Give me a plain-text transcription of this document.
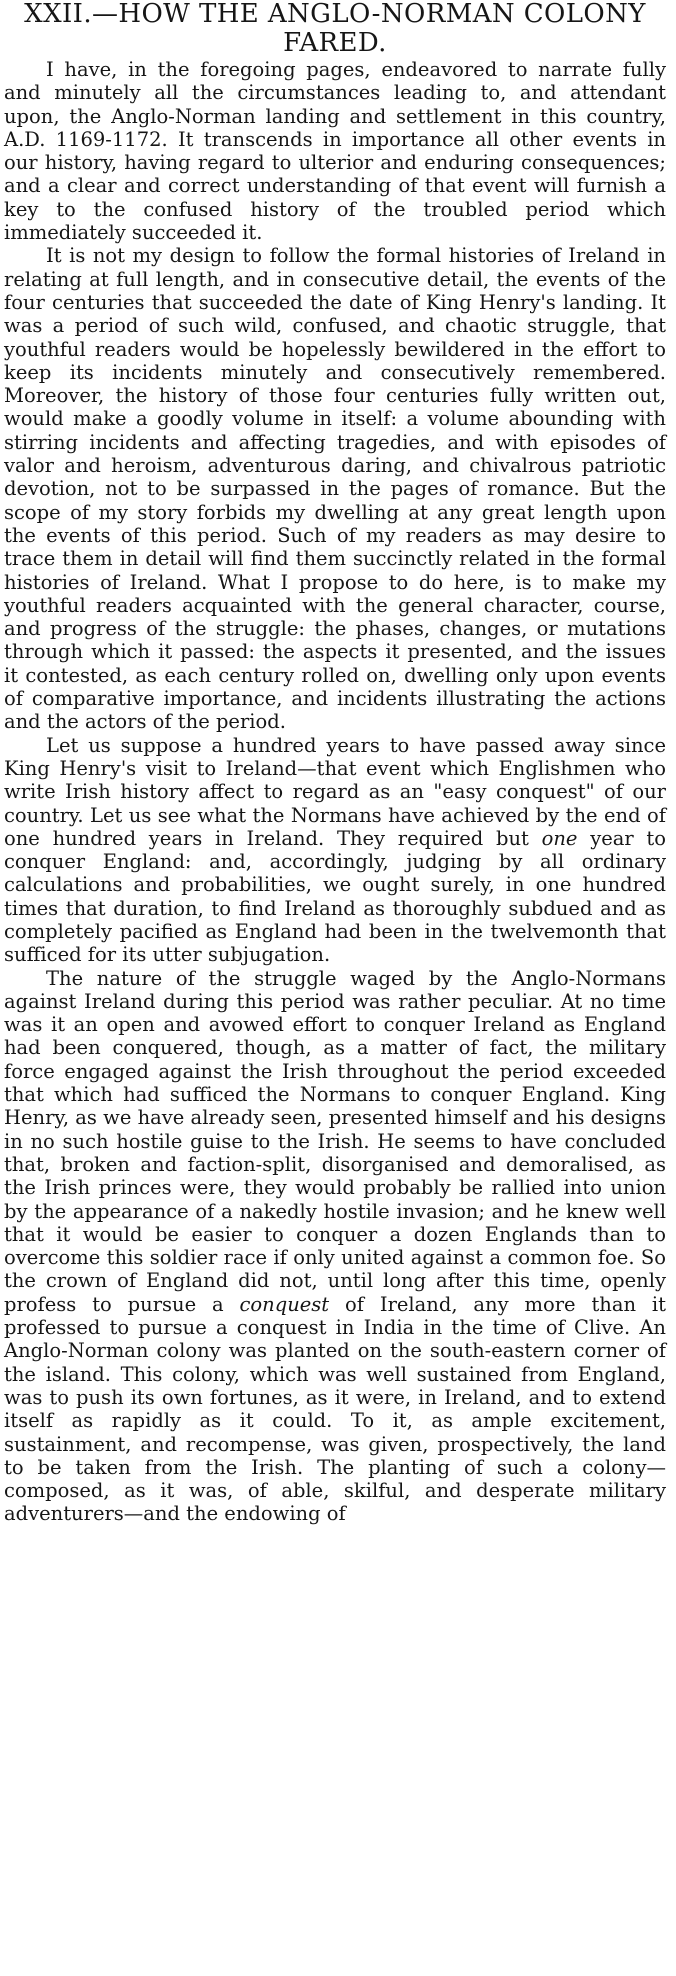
XXII.—HOW THE ANGLO-NORMAN COLONY
FARED.

I have, in the foregoing pages, endeavored to narrate fully and minutely all the circumstances leading to, and attendant upon, the Anglo-Norman landing and settlement in this country, A.D. 1169-1172. It transcends in importance all other events in our history, having regard to ulterior and enduring consequences; and a clear and correct understanding of that event will furnish a key to the confused history of the troubled period which immediately succeeded it.

It is not my design to follow the formal histories of Ireland in relating at full length, and in consecutive detail, the events of the four centuries that succeeded the date of King Henry's landing. It was a period of such wild, confused, and chaotic struggle, that youthful readers would be hopelessly bewildered in the effort to keep its incidents minutely and consecutively remembered. Moreover, the history of those four centuries fully written out, would make a goodly volume in itself: a volume abounding with stirring incidents and affecting tragedies, and with episodes of valor and heroism, adventurous daring, and chivalrous patriotic devotion, not to be surpassed in the pages of romance. But the scope of my story forbids my dwelling at any great length upon the events of this period. Such of my readers as may desire to trace them in detail will find them succinctly related in the formal histories of Ireland. What I propose to do here, is to make my youthful readers acquainted with the general character, course, and progress of the struggle: the phases, changes, or mutations through which it passed: the aspects it presented, and the issues it contested, as each century rolled on, dwelling only upon events of comparative importance, and incidents illustrating the actions and the actors of the period.

Let us suppose a hundred years to have passed away since King Henry's visit to Ireland—that event which Englishmen who write Irish history affect to regard as an "easy conquest" of our country. Let us see what the Normans have achieved by the end of one hundred years in Ireland. They required but one year to conquer England: and, accordingly, judging by all ordinary calculations and probabilities, we ought surely, in one hundred times that duration, to find Ireland as thoroughly subdued and as completely pacified as England had been in the twelvemonth that sufficed for its utter subjugation.

The nature of the struggle waged by the Anglo-Normans against Ireland during this period was rather peculiar. At no time was it an open and avowed effort to conquer Ireland as England had been conquered, though, as a matter of fact, the military force engaged against the Irish throughout the period exceeded that which had sufficed the Normans to conquer England. King Henry, as we have already seen, presented himself and his designs in no such hostile guise to the Irish. He seems to have concluded that, broken and faction-split, disorganised and demoralised, as the Irish princes were, they would probably be rallied into union by the appearance of a nakedly hostile invasion; and he knew well that it would be easier to conquer a dozen Englands than to overcome this soldier race if only united against a common foe. So the crown of England did not, until long after this time, openly profess to pursue a conquest of Ireland, any more than it professed to pursue a conquest in India in the time of Clive. An Anglo-Norman colony was planted on the south-eastern corner of the island. This colony, which was well sustained from England, was to push its own fortunes, as it were, in Ireland, and to extend itself as rapidly as it could. To it, as ample excitement, sustainment, and recompense, was given, prospectively, the land to be taken from the Irish. The planting of such a colony—composed, as it was, of able, skilful, and desperate military adventurers—and the endowing of
